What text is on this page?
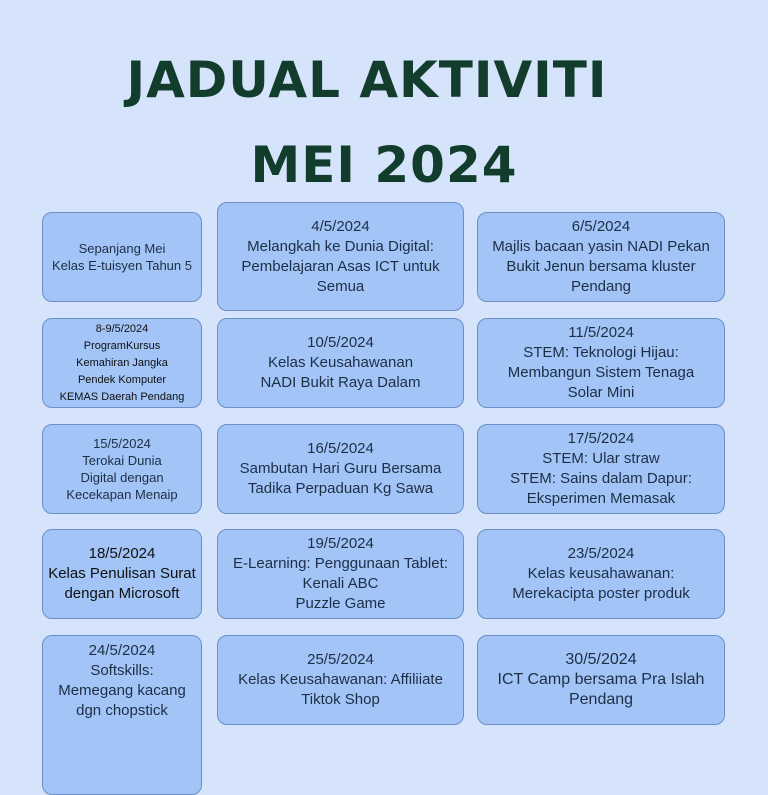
JADUAL AKTIVITI
MEI 2024
Sepanjang Mei
Kelas E-tuisyen Tahun 5
4/5/2024
Melangkah ke Dunia Digital:
Pembelajaran Asas ICT untuk
Semua
6/5/2024
Majlis bacaan yasin NADI Pekan
Bukit Jenun bersama kluster
Pendang
8-9/5/2024
ProgramKursus
Kemahiran Jangka
Pendek Komputer
KEMAS Daerah Pendang
10/5/2024
Kelas Keusahawanan
NADI Bukit Raya Dalam
11/5/2024
STEM: Teknologi Hijau:
Membangun Sistem Tenaga
Solar Mini
15/5/2024
Terokai Dunia
Digital dengan
Kecekapan Menaip
16/5/2024
Sambutan Hari Guru Bersama
Tadika Perpaduan Kg Sawa
17/5/2024
STEM: Ular straw
STEM: Sains dalam Dapur:
Eksperimen Memasak
18/5/2024
Kelas Penulisan Surat
dengan Microsoft
19/5/2024
E-Learning: Penggunaan Tablet:
Kenali ABC
Puzzle Game
23/5/2024
Kelas keusahawanan:
Merekacipta poster produk
24/5/2024
Softskills:
Memegang kacang
dgn chopstick
25/5/2024
Kelas Keusahawanan: Affiliiate
Tiktok Shop
30/5/2024
ICT Camp bersama Pra Islah
Pendang
